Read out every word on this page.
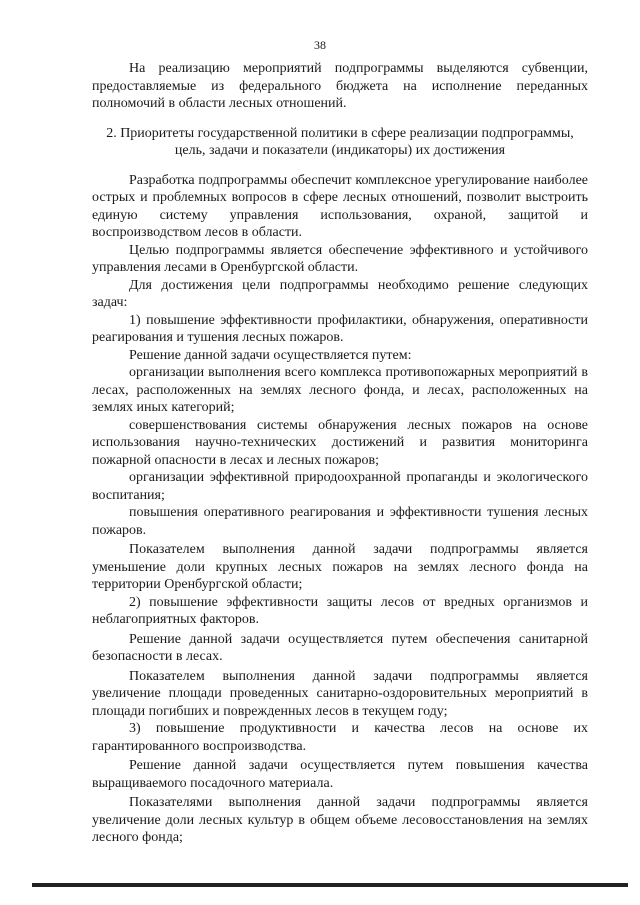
38

На реализацию мероприятий подпрограммы выделяются субвенции, предоставляемые из федерального бюджета на исполнение переданных полномочий в области лесных отношений.

2. Приоритеты государственной политики в сфере реализации подпрограммы, цель, задачи и показатели (индикаторы) их достижения

Разработка подпрограммы обеспечит комплексное урегулирование наиболее острых и проблемных вопросов в сфере лесных отношений, позволит выстроить единую систему управления использования, охраной, защитой и воспроизводством лесов в области.

Целью подпрограммы является обеспечение эффективного и устойчивого управления лесами в Оренбургской области.

Для достижения цели подпрограммы необходимо решение следующих задач:

1) повышение эффективности профилактики, обнаружения, оперативности реагирования и тушения лесных пожаров.

Решение данной задачи осуществляется путем:

организации выполнения всего комплекса противопожарных мероприятий в лесах, расположенных на землях лесного фонда, и лесах, расположенных на землях иных категорий;

совершенствования системы обнаружения лесных пожаров на основе использования научно-технических достижений и развития мониторинга пожарной опасности в лесах и лесных пожаров;

организации эффективной природоохранной пропаганды и экологического воспитания;

повышения оперативного реагирования и эффективности тушения лесных пожаров.

Показателем выполнения данной задачи подпрограммы является уменьшение доли крупных лесных пожаров на землях лесного фонда на территории Оренбургской области;

2) повышение эффективности защиты лесов от вредных организмов и неблагоприятных факторов.

Решение данной задачи осуществляется путем обеспечения санитарной безопасности в лесах.

Показателем выполнения данной задачи подпрограммы является увеличение площади проведенных санитарно-оздоровительных мероприятий в площади погибших и поврежденных лесов в текущем году;

3) повышение продуктивности и качества лесов на основе их гарантированного воспроизводства.

Решение данной задачи осуществляется путем повышения качества выращиваемого посадочного материала.

Показателями выполнения данной задачи подпрограммы является увеличение доли лесных культур в общем объеме лесовосстановления на землях лесного фонда;
